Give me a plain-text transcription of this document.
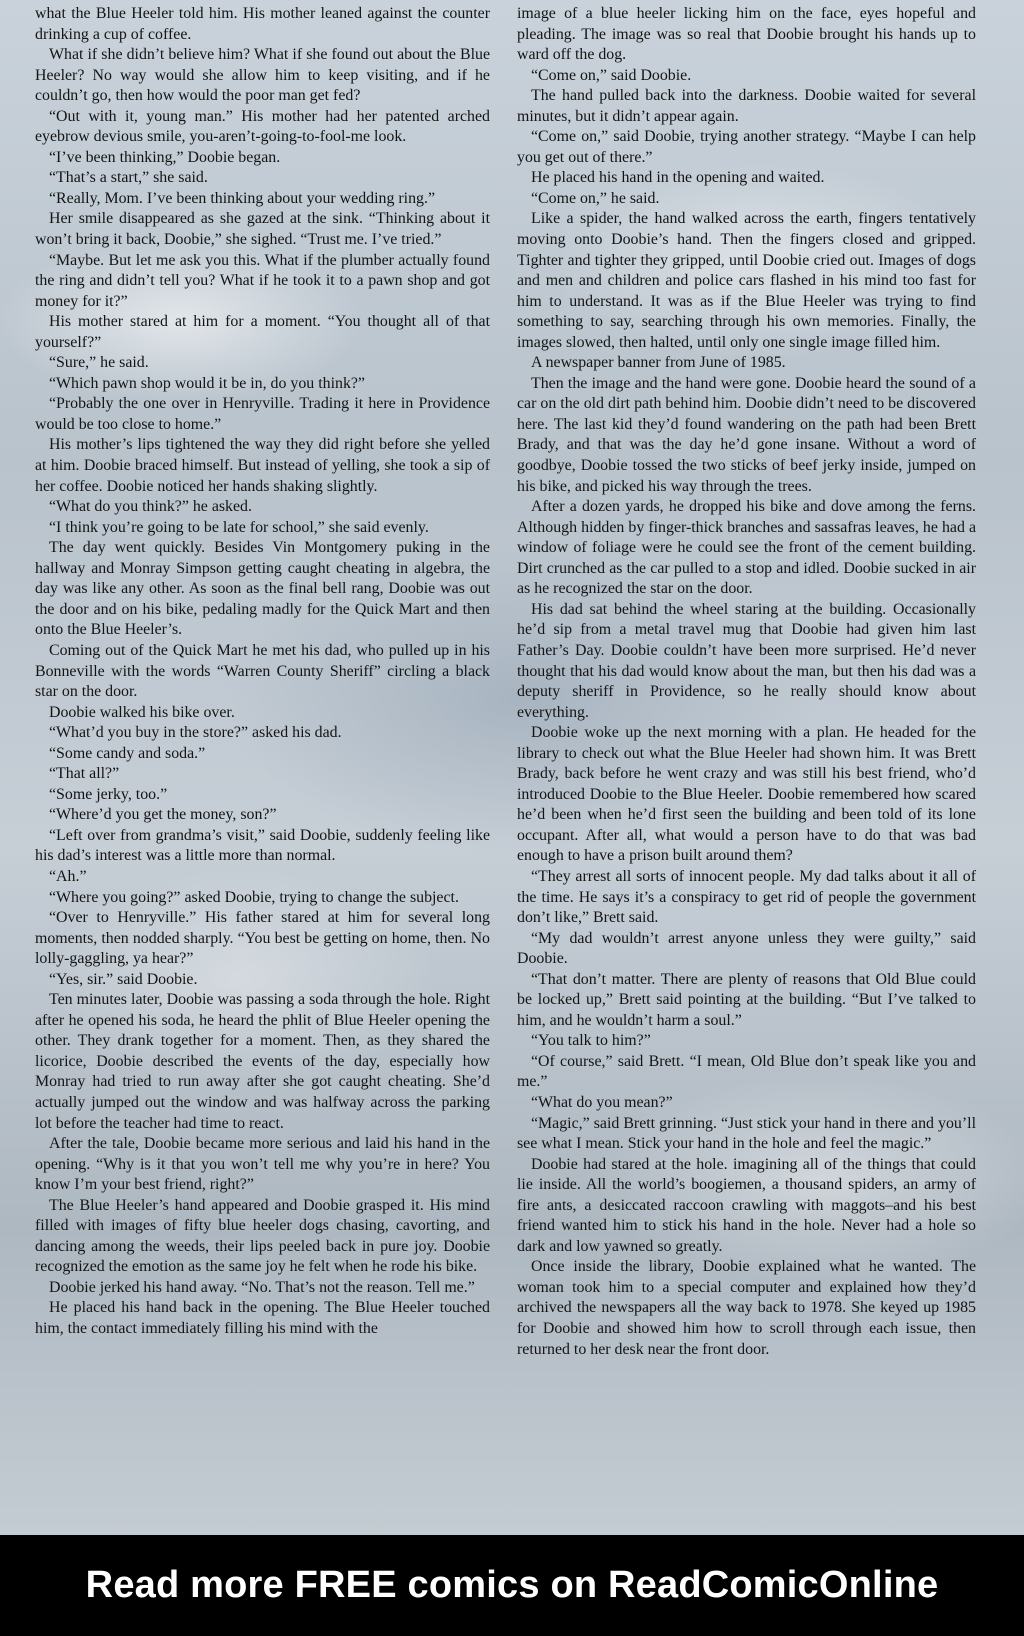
what the Blue Heeler told him. His mother leaned against the counter drinking a cup of coffee.

What if she didn’t believe him? What if she found out about the Blue Heeler? No way would she allow him to keep visiting, and if he couldn’t go, then how would the poor man get fed?

“Out with it, young man.” His mother had her patented arched eyebrow devious smile, you-aren’t-going-to-fool-me look.

“I’ve been thinking,” Doobie began.

“That’s a start,” she said.

“Really, Mom. I’ve been thinking about your wedding ring.”

Her smile disappeared as she gazed at the sink. “Thinking about it won’t bring it back, Doobie,” she sighed. “Trust me. I’ve tried.”

“Maybe. But let me ask you this. What if the plumber actually found the ring and didn’t tell you? What if he took it to a pawn shop and got money for it?”

His mother stared at him for a moment. “You thought all of that yourself?”

“Sure,” he said.

“Which pawn shop would it be in, do you think?”

“Probably the one over in Henryville. Trading it here in Providence would be too close to home.”

His mother’s lips tightened the way they did right before she yelled at him. Doobie braced himself. But instead of yelling, she took a sip of her coffee. Doobie noticed her hands shaking slightly.

“What do you think?” he asked.

“I think you’re going to be late for school,” she said evenly.

The day went quickly. Besides Vin Montgomery puking in the hallway and Monray Simpson getting caught cheating in algebra, the day was like any other. As soon as the final bell rang, Doobie was out the door and on his bike, pedaling madly for the Quick Mart and then onto the Blue Heeler’s.

Coming out of the Quick Mart he met his dad, who pulled up in his Bonneville with the words “Warren County Sheriff” circling a black star on the door.

Doobie walked his bike over.

“What’d you buy in the store?” asked his dad.

“Some candy and soda.”

“That all?”

“Some jerky, too.”

“Where’d you get the money, son?”

“Left over from grandma’s visit,” said Doobie, suddenly feeling like his dad’s interest was a little more than normal.

“Ah.”

“Where you going?” asked Doobie, trying to change the subject.

“Over to Henryville.” His father stared at him for several long moments, then nodded sharply. “You best be getting on home, then. No lolly-gaggling, ya hear?”

“Yes, sir.” said Doobie.

Ten minutes later, Doobie was passing a soda through the hole. Right after he opened his soda, he heard the phlit of Blue Heeler opening the other. They drank together for a moment. Then, as they shared the licorice, Doobie described the events of the day, especially how Monray had tried to run away after she got caught cheating. She’d actually jumped out the window and was halfway across the parking lot before the teacher had time to react.

After the tale, Doobie became more serious and laid his hand in the opening. “Why is it that you won’t tell me why you’re in here? You know I’m your best friend, right?”

The Blue Heeler’s hand appeared and Doobie grasped it. His mind filled with images of fifty blue heeler dogs chasing, cavorting, and dancing among the weeds, their lips peeled back in pure joy. Doobie recognized the emotion as the same joy he felt when he rode his bike.

Doobie jerked his hand away. “No. That’s not the reason. Tell me.”

He placed his hand back in the opening. The Blue Heeler touched him, the contact immediately filling his mind with the

image of a blue heeler licking him on the face, eyes hopeful and pleading. The image was so real that Doobie brought his hands up to ward off the dog.

“Come on,” said Doobie.

The hand pulled back into the darkness. Doobie waited for several minutes, but it didn’t appear again.

“Come on,” said Doobie, trying another strategy. “Maybe I can help you get out of there.”

He placed his hand in the opening and waited.

“Come on,” he said.

Like a spider, the hand walked across the earth, fingers tentatively moving onto Doobie’s hand. Then the fingers closed and gripped. Tighter and tighter they gripped, until Doobie cried out. Images of dogs and men and children and police cars flashed in his mind too fast for him to understand. It was as if the Blue Heeler was trying to find something to say, searching through his own memories. Finally, the images slowed, then halted, until only one single image filled him.

A newspaper banner from June of 1985.

Then the image and the hand were gone. Doobie heard the sound of a car on the old dirt path behind him. Doobie didn’t need to be discovered here. The last kid they’d found wandering on the path had been Brett Brady, and that was the day he’d gone insane. Without a word of goodbye, Doobie tossed the two sticks of beef jerky inside, jumped on his bike, and picked his way through the trees.

After a dozen yards, he dropped his bike and dove among the ferns. Although hidden by finger-thick branches and sassafras leaves, he had a window of foliage were he could see the front of the cement building. Dirt crunched as the car pulled to a stop and idled. Doobie sucked in air as he recognized the star on the door.

His dad sat behind the wheel staring at the building. Occasionally he’d sip from a metal travel mug that Doobie had given him last Father’s Day. Doobie couldn’t have been more surprised. He’d never thought that his dad would know about the man, but then his dad was a deputy sheriff in Providence, so he really should know about everything.

Doobie woke up the next morning with a plan. He headed for the library to check out what the Blue Heeler had shown him. It was Brett Brady, back before he went crazy and was still his best friend, who’d introduced Doobie to the Blue Heeler. Doobie remembered how scared he’d been when he’d first seen the building and been told of its lone occupant. After all, what would a person have to do that was bad enough to have a prison built around them?

“They arrest all sorts of innocent people. My dad talks about it all of the time. He says it’s a conspiracy to get rid of people the government don’t like,” Brett said.

“My dad wouldn’t arrest anyone unless they were guilty,” said Doobie.

“That don’t matter. There are plenty of reasons that Old Blue could be locked up,” Brett said pointing at the building. “But I’ve talked to him, and he wouldn’t harm a soul.”

“You talk to him?”

“Of course,” said Brett. “I mean, Old Blue don’t speak like you and me.”

“What do you mean?”

“Magic,” said Brett grinning. “Just stick your hand in there and you’ll see what I mean. Stick your hand in the hole and feel the magic.”

Doobie had stared at the hole. imagining all of the things that could lie inside. All the world’s boogiemen, a thousand spiders, an army of fire ants, a desiccated raccoon crawling with maggots–and his best friend wanted him to stick his hand in the hole. Never had a hole so dark and low yawned so greatly.

Once inside the library, Doobie explained what he wanted. The woman took him to a special computer and explained how they’d archived the newspapers all the way back to 1978. She keyed up 1985 for Doobie and showed him how to scroll through each issue, then returned to her desk near the front door.

Read more FREE comics on ReadComicOnline
